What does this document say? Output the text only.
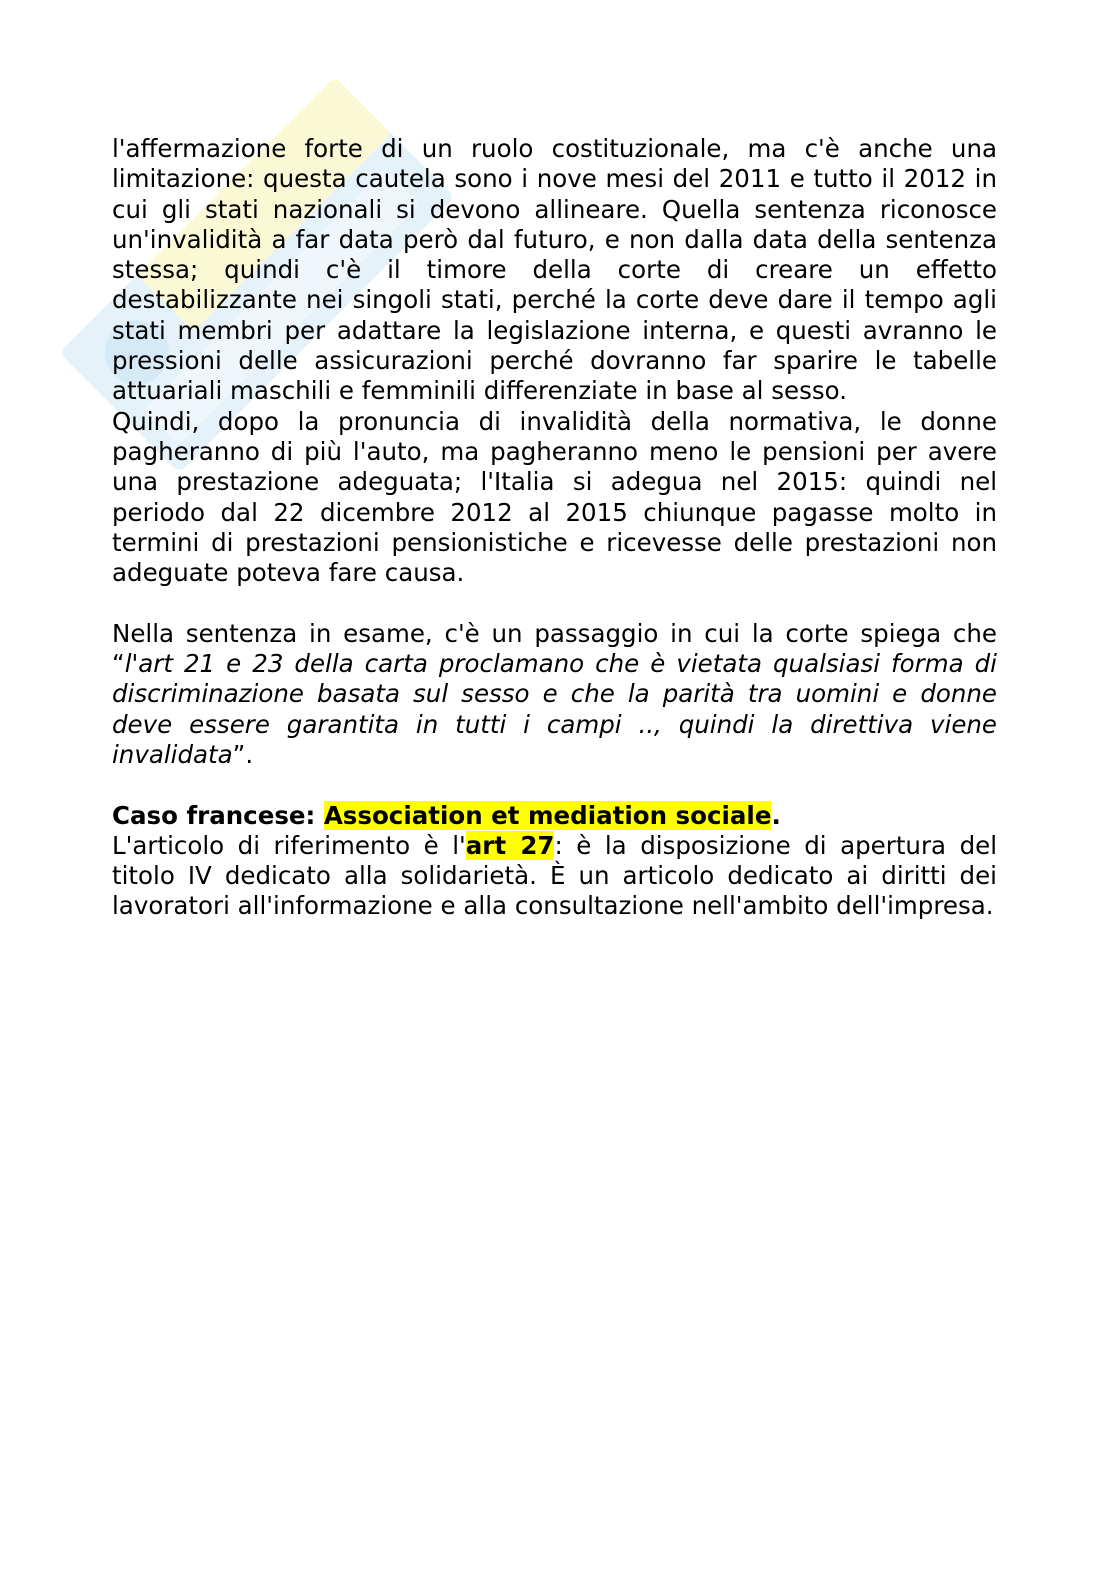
l'affermazione forte di un ruolo costituzionale, ma c'è anche una limitazione: questa cautela sono i nove mesi del 2011 e tutto il 2012 in cui gli stati nazionali si devono allineare. Quella sentenza riconosce un'invalidità a far data però dal futuro, e non dalla data della sentenza stessa; quindi c'è il timore della corte di creare un effetto destabilizzante nei singoli stati, perché la corte deve dare il tempo agli stati membri per adattare la legislazione interna, e questi avranno le pressioni delle assicurazioni perché dovranno far sparire le tabelle attuariali maschili e femminili differenziate in base al sesso.

Quindi, dopo la pronuncia di invalidità della normativa, le donne pagheranno di più l'auto, ma pagheranno meno le pensioni per avere una prestazione adeguata; l'Italia si adegua nel 2015: quindi nel periodo dal 22 dicembre 2012 al 2015 chiunque pagasse molto in termini di prestazioni pensionistiche e ricevesse delle prestazioni non adeguate poteva fare causa.

Nella sentenza in esame, c'è un passaggio in cui la corte spiega che “l'art 21 e 23 della carta proclamano che è vietata qualsiasi forma di discriminazione basata sul sesso e che la parità tra uomini e donne deve essere garantita in tutti i campi .., quindi la direttiva viene invalidata”.

Caso francese: Association et mediation sociale.

L'articolo di riferimento è l'art 27: è la disposizione di apertura del titolo IV dedicato alla solidarietà. È un articolo dedicato ai diritti dei lavoratori all'informazione e alla consultazione nell'ambito dell'impresa.
